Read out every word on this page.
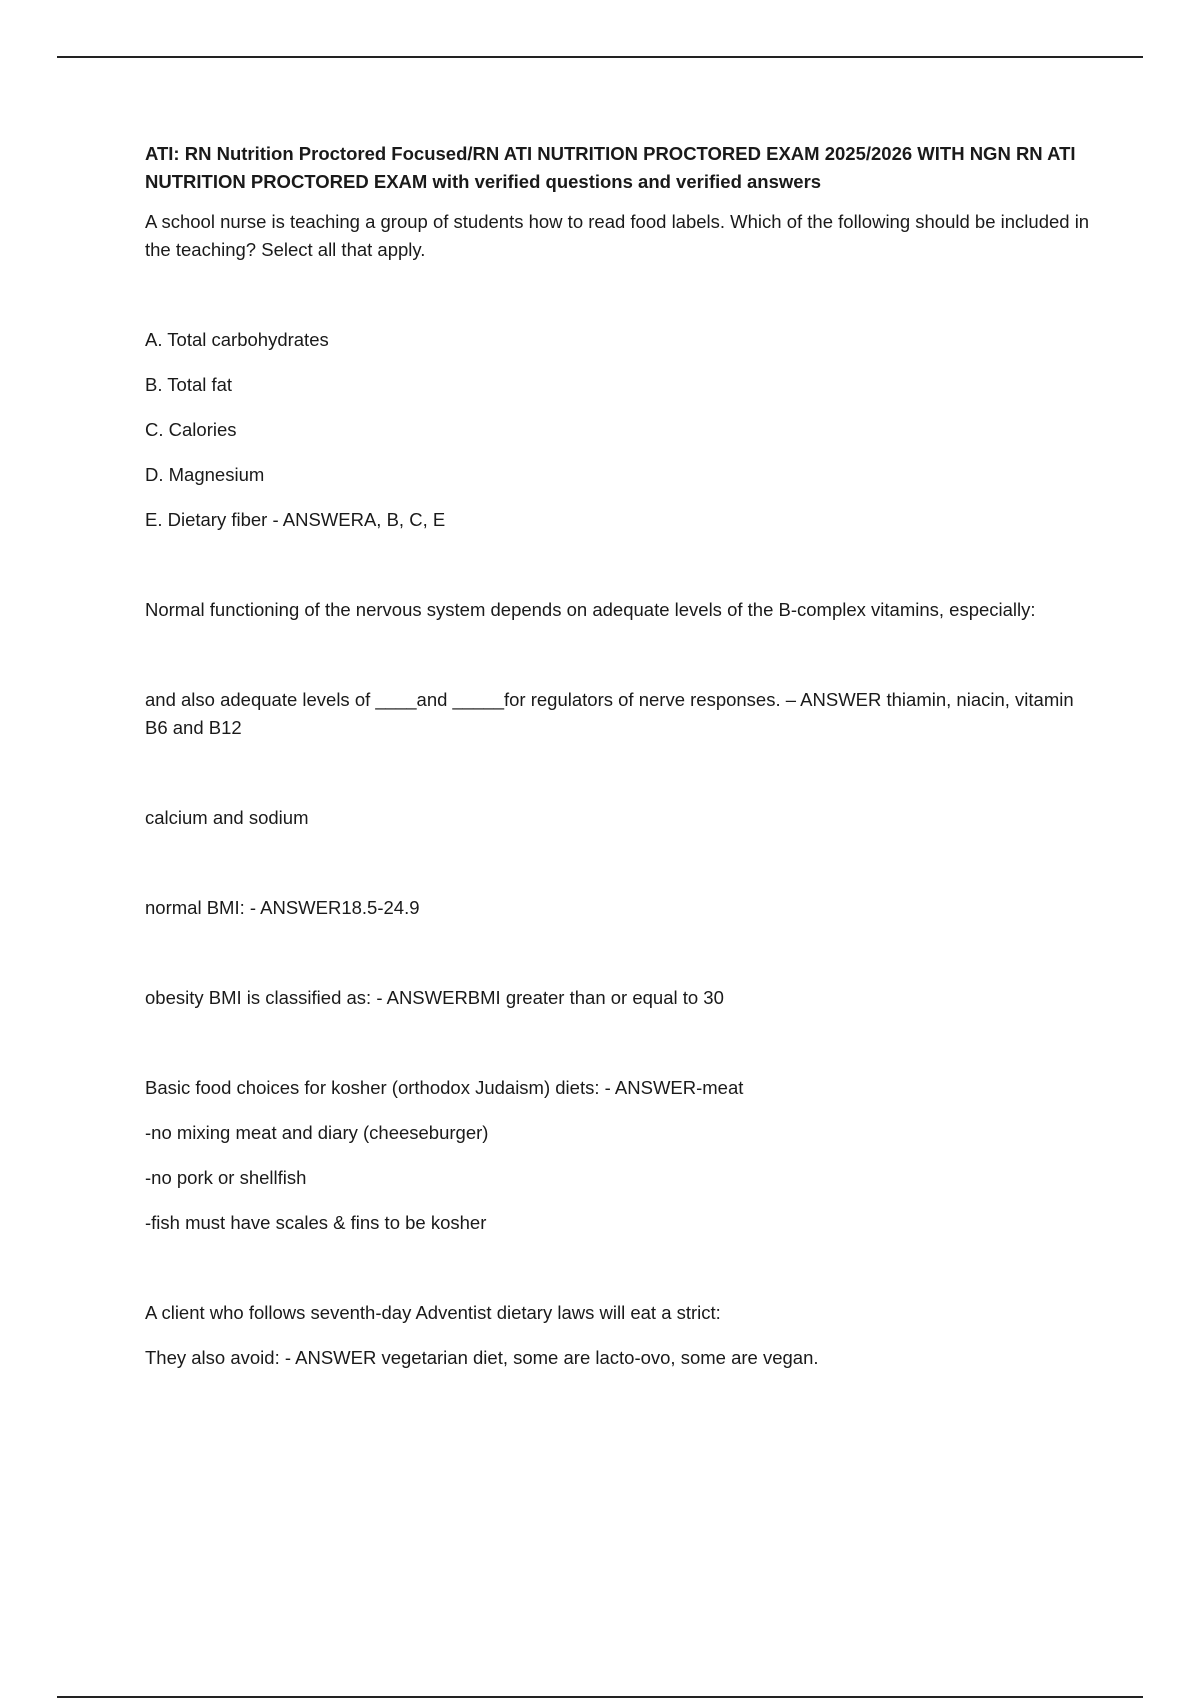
ATI: RN Nutrition Proctored Focused/RN ATI NUTRITION PROCTORED EXAM 2025/2026 WITH NGN RN ATI NUTRITION PROCTORED EXAM with verified questions and verified answers

A school nurse is teaching a group of students how to read food labels. Which of the following should be included in the teaching? Select all that apply.

A. Total carbohydrates

B. Total fat

C. Calories

D. Magnesium

E. Dietary fiber - ANSWERA, B, C, E

Normal functioning of the nervous system depends on adequate levels of the B-complex vitamins, especially:

and also adequate levels of ____and _____for regulators of nerve responses. – ANSWER thiamin, niacin, vitamin B6 and B12

calcium and sodium

normal BMI: - ANSWER18.5-24.9

obesity BMI is classified as: - ANSWERBMI greater than or equal to 30

Basic food choices for kosher (orthodox Judaism) diets: - ANSWER-meat

-no mixing meat and diary (cheeseburger)

-no pork or shellfish

-fish must have scales & fins to be kosher

A client who follows seventh-day Adventist dietary laws will eat a strict:

They also avoid: - ANSWER vegetarian diet, some are lacto-ovo, some are vegan.
